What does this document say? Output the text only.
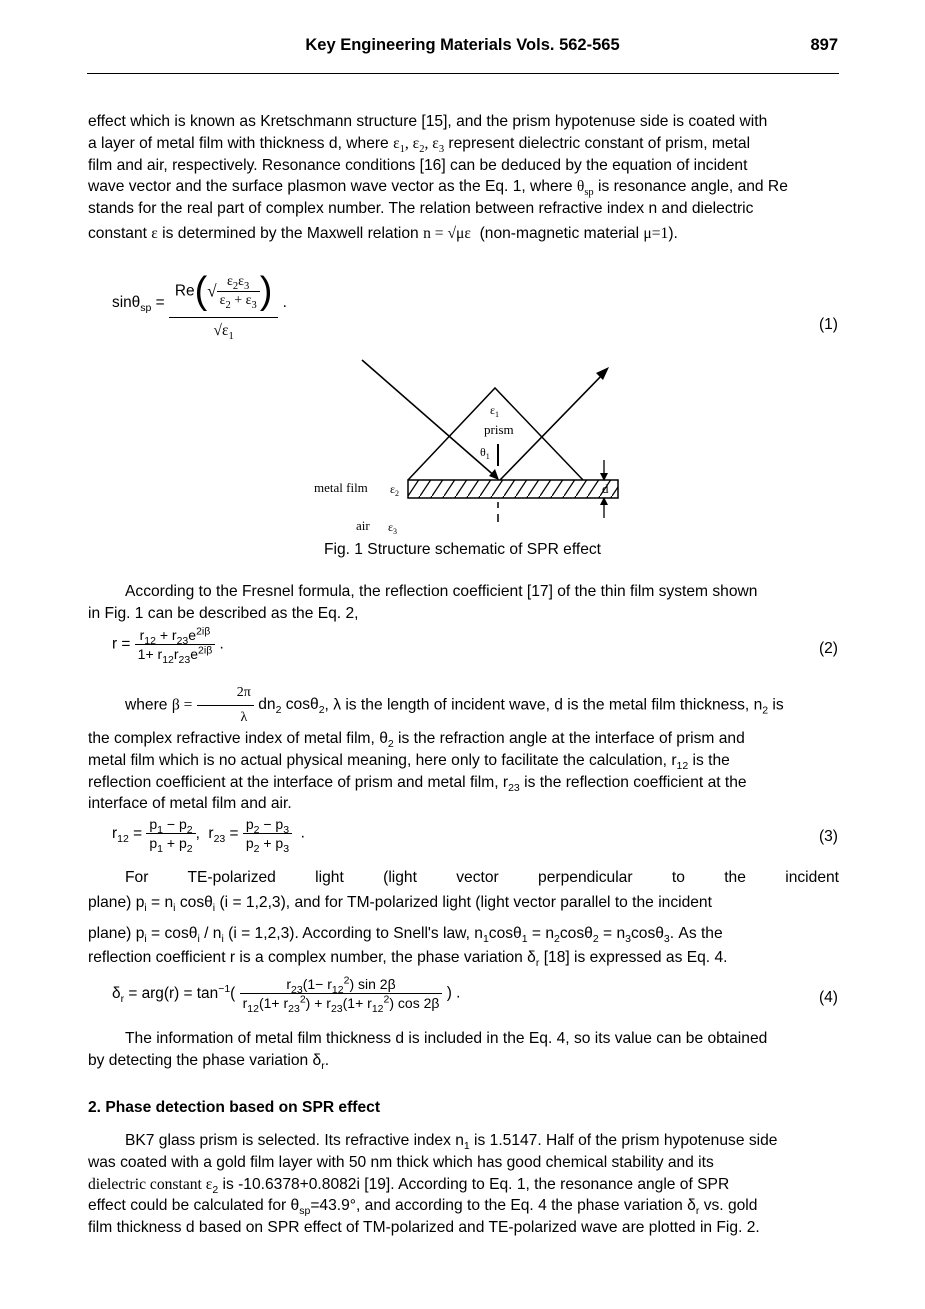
Key Engineering Materials Vols. 562-565	897
effect which is known as Kretschmann structure [15], and the prism hypotenuse side is coated with
a layer of metal film with thickness d, where $\varepsilon_1$, $\varepsilon_2$, $\varepsilon_3$ represent dielectric constant of prism, metal
film and air, respectively. Resonance conditions [16] can be deduced by the equation of incident
wave vector and the surface plasmon wave vector as the Eq. 1, where $\theta_{sp}$ is resonance angle, and Re
stands for the real part of complex number. The relation between refractive index n and dielectric
constant ε is determined by the Maxwell relation n = √με (non-magnetic material μ=1).
$\sin\theta_{sp} = \frac{Re(√ \frac{\varepsilon_2\varepsilon_3}{\varepsilon_2 + \varepsilon_3} )}{√\varepsilon_1}$ .
(1)
$\varepsilon_1$
prism
$\theta_1$
metal film $\varepsilon_2$	d
air $\varepsilon_3$
Fig. 1 Structure schematic of SPR effect
According to the Fresnel formula, the reflection coefficient [17] of the thin film system shown
in Fig. 1 can be described as the Eq. 2,
$r = \frac{r_{12} + r_{23}e^{2i\beta}}{1+ r_{12}r_{23}e^{2i\beta}}$ .	(2)
where $\beta = \frac{2\pi}{\lambda} dn_2$ cosθ$_2$, λ is the length of incident wave, d is the metal film thickness, $n_2$ is
the complex refractive index of metal film, $\theta_2$ is the refraction angle at the interface of prism and
metal film which is no actual physical meaning, here only to facilitate the calculation, $r_{12}$ is the
reflection coefficient at the interface of prism and metal film, $r_{23}$ is the reflection coefficient at the
interface of metal film and air.
$r_{12} = \frac{p_1 - p_2}{p_1 + p_2}$ ,  $r_{23} = \frac{p_2 - p_3}{p_2 + p_3}$ .	(3)
For TE-polarized light (light vector perpendicular to the incident
plane) $p_i = n_i$ cosθ$_i$ (i = 1,2,3), and for TM-polarized light (light vector parallel to the incident
plane) $p_i = \cos\theta_i / n_i$ (i = 1,2,3). According to Snell's law, $n_1\cos\theta_1 = n_2\cos\theta_2 = n_3\cos\theta_3$. As the
reflection coefficient r is a complex number, the phase variation $\delta_r$ [18] is expressed as Eq. 4.
$\delta_r = arg(r) = \tan^{-1}( \frac{r_{23}(1- r_{12}^2) \sin 2\beta}{r_{12}(1+ r_{23}^2) + r_{23}(1+ r_{12}^2) \cos 2\beta}$ ) .	(4)
The information of metal film thickness d is included in the Eq. 4, so its value can be obtained
by detecting the phase variation $\delta_r$.
2. Phase detection based on SPR effect
BK7 glass prism is selected. Its refractive index $n_1$ is 1.5147. Half of the prism hypotenuse side
was coated with a gold film layer with 50 nm thick which has good chemical stability and its
dielectric constant $\varepsilon_2$ is -10.6378+0.8082i [19]. According to Eq. 1, the resonance angle of SPR
effect could be calculated for $\theta_{sp}=43.9^\circ$, and according to the Eq. 4 the phase variation $\delta_r$ vs. gold
film thickness d based on SPR effect of TM-polarized and TE-polarized wave are plotted in Fig. 2.
